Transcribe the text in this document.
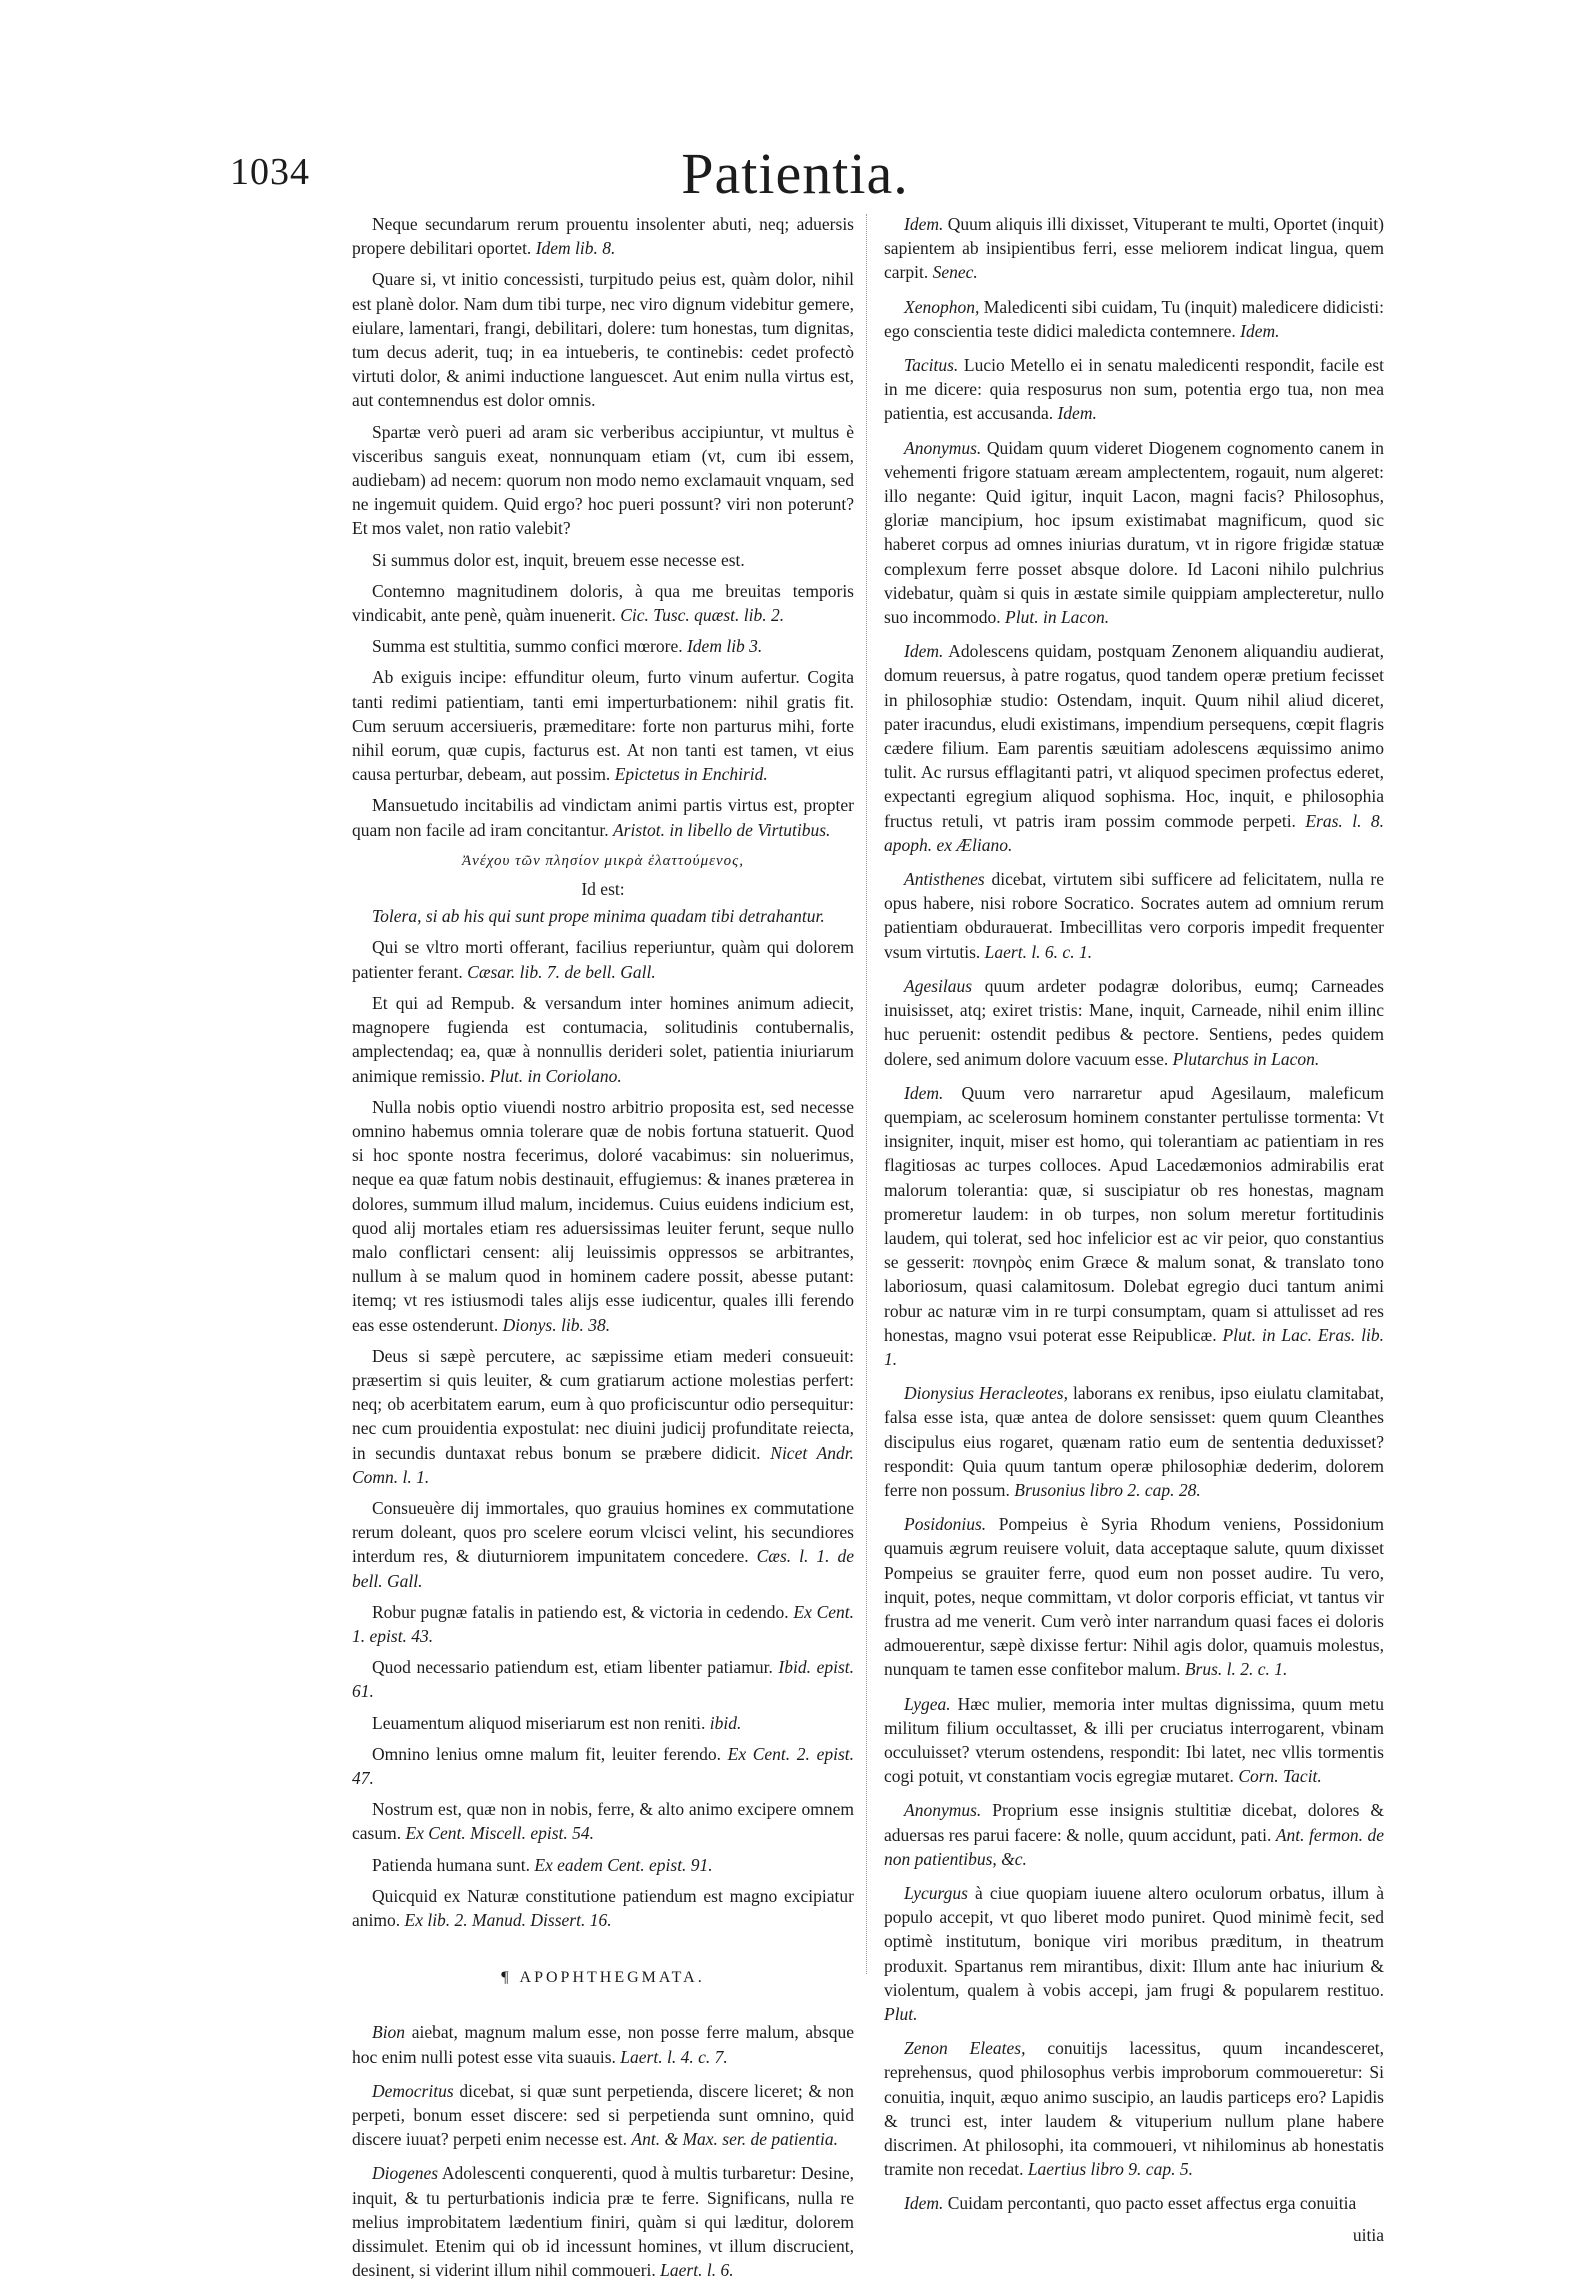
1034	Patientia.

Neque secundarum rerum prouentu insolenter abuti, neq; aduersis propere debilitari oportet. Idem lib. 8.

Quare si, vt initio concessisti, turpitudo peius est, quàm dolor, nihil est planè dolor. Nam dum tibi turpe, nec viro dignum videbitur gemere, eiulare, lamentari, frangi, debilitari, dolere: tum honestas, tum dignitas, tum decus aderit, tuq; in ea intueberis, te continebis: cedet profectò virtuti dolor, & animi inductione languescet. Aut enim nulla virtus est, aut contemnendus est dolor omnis.

Spartæ verò pueri ad aram sic verberibus accipiuntur, vt multus è visceribus sanguis exeat, nonnunquam etiam (vt, cum ibi essem, audiebam) ad necem: quorum non modo nemo exclamauit vnquam, sed ne ingemuit quidem. Quid ergo? hoc pueri possunt? viri non poterunt? Et mos valet, non ratio valebit?

Si summus dolor est, inquit, breuem esse necesse est.

Contemno magnitudinem doloris, à qua me breuitas temporis vindicabit, ante penè, quàm inuenerit. Cic. Tusc. quæst. lib. 2.

Summa est stultitia, summo confici mœrore. Idem lib 3.

Ab exiguis incipe: effunditur oleum, furto vinum aufertur. Cogita tanti redimi patientiam, tanti emi imperturbationem: nihil gratis fit. Cum seruum accersiueris, præmeditare: forte non parturus mihi, forte nihil eorum, quæ cupis, facturus est. At non tanti est tamen, vt eius causa perturbar, debeam, aut possim. Epictetus in Enchirid.

Mansuetudo incitabilis ad vindictam animi partis virtus est, propter quam non facile ad iram concitantur. Aristot. in libello de Virtutibus.

Ἀνέχου τῶν πλησίον μικρὰ ἐλαττούμενος,
Id est:

Tolera, si ab his qui sunt prope minima quadam tibi detrahantur.

Qui se vltro morti offerant, facilius reperiuntur, quàm qui dolorem patienter ferant. Cæsar. lib. 7. de bell. Gall.

Et qui ad Rempub. & versandum inter homines animum adiecit, magnopere fugienda est contumacia, solitudinis contubernalis, amplectendaq; ea, quæ à nonnullis derideri solet, patientia iniuriarum animique remissio. Plut. in Coriolano.

Nulla nobis optio viuendi nostro arbitrio proposita est, sed necesse omnino habemus omnia tolerare quæ de nobis fortuna statuerit. Quod si hoc sponte nostra fecerimus, doloré vacabimus: sin noluerimus, neque ea quæ fatum nobis destinauit, effugiemus: & inanes præterea in dolores, summum illud malum, incidemus. Cuius euidens indicium est, quod alij mortales etiam res aduersissimas leuiter ferunt, seque nullo malo conflictari censent: alij leuissimis oppressos se arbitrantes, nullum à se malum quod in hominem cadere possit, abesse putant: itemq; vt res istiusmodi tales alijs esse iudicentur, quales illi ferendo eas esse ostenderunt. Dionys. lib. 38.

Deus si sæpè percutere, ac sæpissime etiam mederi consueuit: præsertim si quis leuiter, & cum gratiarum actione molestias perfert: neq; ob acerbitatem earum, eum à quo proficiscuntur odio persequitur: nec cum prouidentia expostulat: nec diuini judicij profunditate reiecta, in secundis duntaxat rebus bonum se præbere didicit. Nicet Andr. Comn. l. 1.

Consueuère dij immortales, quo grauius homines ex commutatione rerum doleant, quos pro scelere eorum vlcisci velint, his secundiores interdum res, & diuturniorem impunitatem concedere. Cæs. l. 1. de bell. Gall.

Robur pugnæ fatalis in patiendo est, & victoria in cedendo. Ex Cent. 1. epist. 43.

Quod necessario patiendum est, etiam libenter patiamur. Ibid. epist. 61.

Leuamentum aliquod miseriarum est non reniti. ibid.

Omnino lenius omne malum fit, leuiter ferendo. Ex Cent. 2. epist. 47.

Nostrum est, quæ non in nobis, ferre, & alto animo excipere omnem casum. Ex Cent. Miscell. epist. 54.

Patienda humana sunt. Ex eadem Cent. epist. 91.

Quicquid ex Naturæ constitutione patiendum est magno excipiatur animo. Ex lib. 2. Manud. Dissert. 16.

¶ APOPHTHEGMATA.

Bion aiebat, magnum malum esse, non posse ferre malum, absque hoc enim nulli potest esse vita suauis. Laert. l. 4. c. 7.

Democritus dicebat, si quæ sunt perpetienda, discere liceret; & non perpeti, bonum esset discere: sed si perpetienda sunt omnino, quid discere iuuat? perpeti enim necesse est. Ant. & Max. ser. de patientia.

Diogenes Adolescenti conquerenti, quod à multis turbaretur: Desine, inquit, & tu perturbationis indicia præ te ferre. Significans, nulla re melius improbitatem lædentium finiri, quàm si qui læditur, dolorem dissimulet. Etenim qui ob id incessunt homines, vt illum discrucient, desinent, si viderint illum nihil commoueri. Laert. l. 6.

Idem. Quum aliquis illi dixisset, Vituperant te multi, Oportet (inquit) sapientem ab insipientibus ferri, esse meliorem indicat lingua, quem carpit. Senec.

Xenophon, Maledicenti sibi cuidam, Tu (inquit) maledicere didicisti: ego conscientia teste didici maledicta contemnere. Idem.

Tacitus. Lucio Metello ei in senatu maledicenti respondit, facile est in me dicere: quia resposurus non sum, potentia ergo tua, non mea patientia, est accusanda. Idem.

Anonymus. Quidam quum videret Diogenem cognomento canem in vehementi frigore statuam æream amplectentem, rogauit, num algeret: illo negante: Quid igitur, inquit Lacon, magni facis? Philosophus, gloriæ mancipium, hoc ipsum existimabat magnificum, quod sic haberet corpus ad omnes iniurias duratum, vt in rigore frigidæ statuæ complexum ferre posset absque dolore. Id Laconi nihilo pulchrius videbatur, quàm si quis in æstate simile quippiam amplecteretur, nullo suo incommodo. Plut. in Lacon.

Idem. Adolescens quidam, postquam Zenonem aliquandiu audierat, domum reuersus, à patre rogatus, quod tandem operæ pretium fecisset in philosophiæ studio: Ostendam, inquit. Quum nihil aliud diceret, pater iracundus, eludi existimans, impendium persequens, cœpit flagris cædere filium. Eam parentis sæuitiam adolescens æquissimo animo tulit. Ac rursus efflagitanti patri, vt aliquod specimen profectus ederet, expectanti egregium aliquod sophisma. Hoc, inquit, e philosophia fructus retuli, vt patris iram possim commode perpeti. Eras. l. 8. apoph. ex Æliano.

Antisthenes dicebat, virtutem sibi sufficere ad felicitatem, nulla re opus habere, nisi robore Socratico. Socrates autem ad omnium rerum patientiam obdurauerat. Imbecillitas vero corporis impedit frequenter vsum virtutis. Laert. l. 6. c. 1.

Agesilaus quum ardeter podagræ doloribus, eumq; Carneades inuisisset, atq; exiret tristis: Mane, inquit, Carneade, nihil enim illinc huc peruenit: ostendit pedibus & pectore. Sentiens, pedes quidem dolere, sed animum dolore vacuum esse. Plutarchus in Lacon.

Idem. Quum vero narraretur apud Agesilaum, maleficum quempiam, ac scelerosum hominem constanter pertulisse tormenta: Vt insigniter, inquit, miser est homo, qui tolerantiam ac patientiam in res flagitiosas ac turpes colloces. Apud Lacedæmonios admirabilis erat malorum tolerantia: quæ, si suscipiatur ob res honestas, magnam promeretur laudem: in ob turpes, non solum meretur fortitudinis laudem, qui tolerat, sed hoc infelicior est ac vir peior, quo constantius se gesserit: πονηρὸς enim Græce & malum sonat, & translato tono laboriosum, quasi calamitosum. Dolebat egregio duci tantum animi robur ac naturæ vim in re turpi consumptam, quam si attulisset ad res honestas, magno vsui poterat esse Reipublicæ. Plut. in Lac. Eras. lib. 1.

Dionysius Heracleotes, laborans ex renibus, ipso eiulatu clamitabat, falsa esse ista, quæ antea de dolore sensisset: quem quum Cleanthes discipulus eius rogaret, quænam ratio eum de sententia deduxisset? respondit: Quia quum tantum operæ philosophiæ dederim, dolorem ferre non possum. Brusonius libro 2. cap. 28.

Posidonius. Pompeius è Syria Rhodum veniens, Possidonium quamuis ægrum reuisere voluit, data acceptaque salute, quum dixisset Pompeius se grauiter ferre, quod eum non posset audire. Tu vero, inquit, potes, neque committam, vt dolor corporis efficiat, vt tantus vir frustra ad me venerit. Cum verò inter narrandum quasi faces ei doloris admouerentur, sæpè dixisse fertur: Nihil agis dolor, quamuis molestus, nunquam te tamen esse confitebor malum. Brus. l. 2. c. 1.

Lygea. Hæc mulier, memoria inter multas dignissima, quum metu militum filium occultasset, & illi per cruciatus interrogarent, vbinam occuluisset? vterum ostendens, respondit: Ibi latet, nec vllis tormentis cogi potuit, vt constantiam vocis egregiæ mutaret. Corn. Tacit.

Anonymus. Proprium esse insignis stultitiæ dicebat, dolores & aduersas res parui facere: & nolle, quum accidunt, pati. Ant. fermon. de non patientibus, &c.

Lycurgus à ciue quopiam iuuene altero oculorum orbatus, illum à populo accepit, vt quo liberet modo puniret. Quod minimè fecit, sed optimè institutum, bonique viri moribus præditum, in theatrum produxit. Spartanus rem mirantibus, dixit: Illum ante hac iniurium & violentum, qualem à vobis accepi, jam frugi & popularem restituo. Plut.

Zenon Eleates, conuitijs lacessitus, quum incandesceret, reprehensus, quod philosophus verbis improborum commoueretur: Si conuitia, inquit, æquo animo suscipio, an laudis particeps ero? Lapidis & trunci est, inter laudem & vituperium nullum plane habere discrimen. At philosophi, ita commoueri, vt nihilominus ab honestatis tramite non recedat. Laertius libro 9. cap. 5.

Idem. Cuidam percontanti, quo pacto esset affectus erga conuitia

uitia
